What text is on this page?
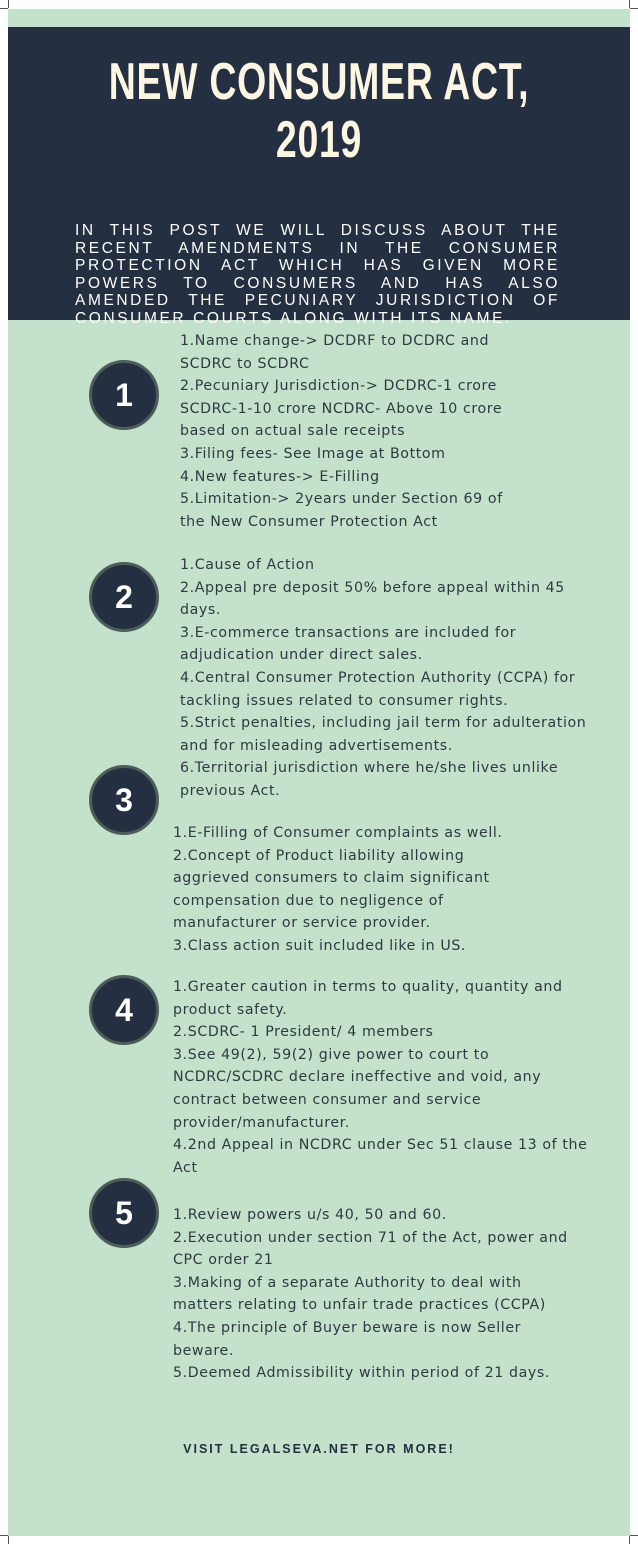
NEW CONSUMER ACT,
2019
IN THIS POST WE WILL DISCUSS ABOUT THE
RECENT AMENDMENTS IN THE CONSUMER
PROTECTION ACT WHICH HAS GIVEN MORE
POWERS TO CONSUMERS AND HAS ALSO
AMENDED THE PECUNIARY JURISDICTION OF
CONSUMER COURTS ALONG WITH ITS NAME.
1
2
3
4
5
1.Name change-> DCDRF to DCDRC and
SCDRC to SCDRC
2.Pecuniary Jurisdiction-> DCDRC-1 crore
SCDRC-1-10 crore NCDRC- Above 10 crore
based on actual sale receipts
3.Filing fees- See Image at Bottom
4.New features-> E-Filling
5.Limitation-> 2years under Section 69 of
the New Consumer Protection Act
1.Cause of Action
2.Appeal pre deposit 50% before appeal within 45
days.
3.E-commerce transactions are included for
adjudication under direct sales.
4.Central Consumer Protection Authority (CCPA) for
tackling issues related to consumer rights.
5.Strict penalties, including jail term for adulteration
and for misleading advertisements.
6.Territorial jurisdiction where he/she lives unlike
previous Act.
1.E-Filling of Consumer complaints as well.
2.Concept of Product liability allowing
aggrieved consumers to claim significant
compensation due to negligence of
manufacturer or service provider.
3.Class action suit included like in US.
1.Greater caution in terms to quality, quantity and
product safety.
2.SCDRC- 1 President/ 4 members
3.See 49(2), 59(2) give power to court to
NCDRC/SCDRC declare ineffective and void, any
contract between consumer and service
provider/manufacturer.
4.2nd Appeal in NCDRC under Sec 51 clause 13 of the
Act
1.Review powers u/s 40, 50 and 60.
2.Execution under section 71 of the Act, power and
CPC order 21
3.Making of a separate Authority to deal with
matters relating to unfair trade practices (CCPA)
4.The principle of Buyer beware is now Seller
beware.
5.Deemed Admissibility within period of 21 days.
VISIT LEGALSEVA.NET FOR MORE!
